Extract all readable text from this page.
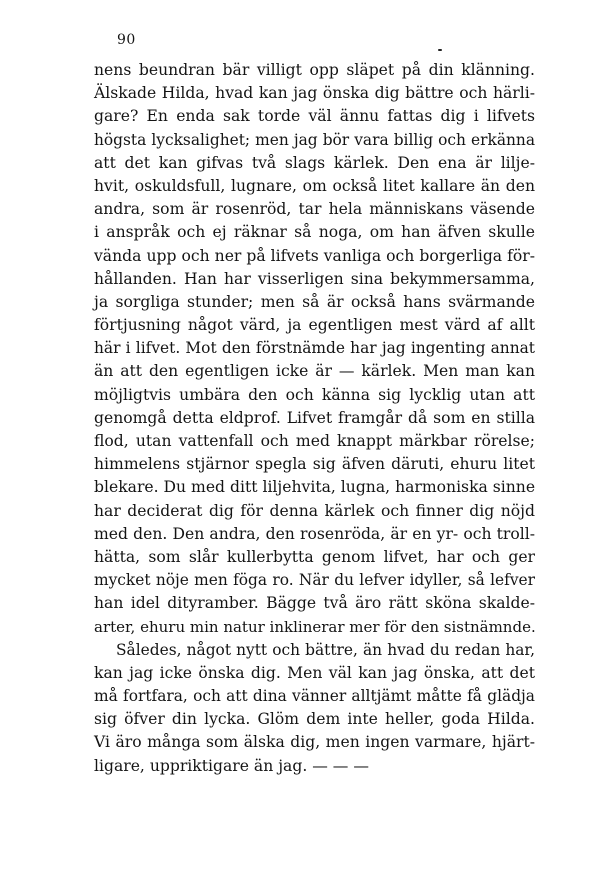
90
nens beundran bär villigt opp släpet på din klänning.
Älskade Hilda, hvad kan jag önska dig bättre och härli-
gare? En enda sak torde väl ännu fattas dig i lifvets
högsta lycksalighet; men jag bör vara billig och erkänna
att det kan gifvas två slags kärlek. Den ena är lilje-
hvit, oskuldsfull, lugnare, om också litet kallare än den
andra, som är rosenröd, tar hela människans väsende
i anspråk och ej räknar så noga, om han äfven skulle
vända upp och ner på lifvets vanliga och borgerliga för-
hållanden. Han har visserligen sina bekymmersamma,
ja sorgliga stunder; men så är också hans svärmande
förtjusning något värd, ja egentligen mest värd af allt
här i lifvet. Mot den förstnämde har jag ingenting annat
än att den egentligen icke är — kärlek. Men man kan
möjligtvis umbära den och känna sig lycklig utan att
genomgå detta eldprof. Lifvet framgår då som en stilla
flod, utan vattenfall och med knappt märkbar rörelse;
himmelens stjärnor spegla sig äfven däruti, ehuru litet
blekare. Du med ditt liljehvita, lugna, harmoniska sinne
har deciderat dig för denna kärlek och finner dig nöjd
med den. Den andra, den rosenröda, är en yr- och troll-
hätta, som slår kullerbytta genom lifvet, har och ger
mycket nöje men föga ro. När du lefver idyller, så lefver
han idel dityramber. Bägge två äro rätt sköna skalde-
arter, ehuru min natur inklinerar mer för den sistnämnde.
Således, något nytt och bättre, än hvad du redan har,
kan jag icke önska dig. Men väl kan jag önska, att det
må fortfara, och att dina vänner alltjämt måtte få glädja
sig öfver din lycka. Glöm dem inte heller, goda Hilda.
Vi äro många som älska dig, men ingen varmare, hjärt-
ligare, uppriktigare än jag. — — —
